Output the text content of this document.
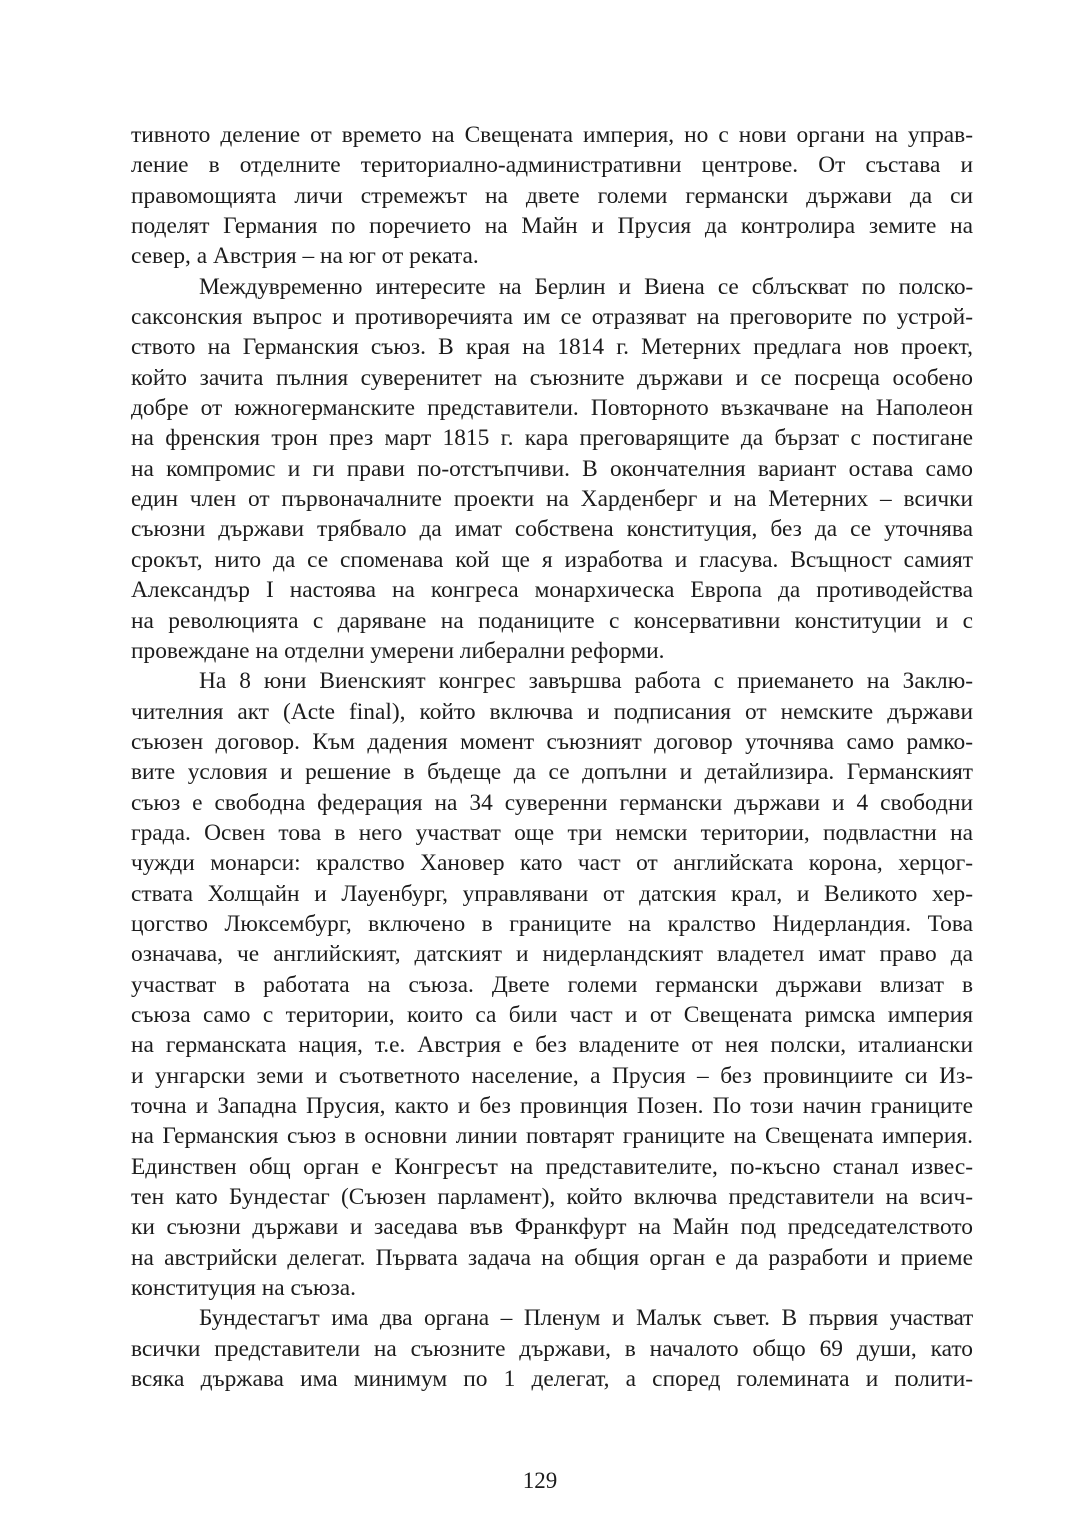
тивното деление от времето на Свещената империя, но с нови органи на управ-
ление в отделните териториално-административни центрове. От състава и
правомощията личи стремежът на двете големи германски държави да си
поделят Германия по поречието на Майн и Прусия да контролира земите на
север, а Австрия – на юг от реката.
Междувременно интересите на Берлин и Виена се сблъскват по полско-
саксонския въпрос и противоречията им се отразяват на преговорите по устрой-
ството на Германския съюз. В края на 1814 г. Метерних предлага нов проект,
който зачита пълния суверенитет на съюзните държави и се посреща особено
добре от южногерманските представители. Повторното възкачване на Наполеон
на френския трон през март 1815 г. кара преговарящите да бързат с постигане
на компромис и ги прави по-отстъпчиви. В окончателния вариант остава само
един член от първоначалните проекти на Харденберг и на Метерних – всички
съюзни държави трябвало да имат собствена конституция, без да се уточнява
срокът, нито да се споменава кой ще я изработва и гласува. Всъщност самият
Александър I настоява на конгреса монархическа Европа да противодейства
на революцията с даряване на поданиците с консервативни конституции и с
провеждане на отделни умерени либерални реформи.
На 8 юни Виенският конгрес завършва работа с приемането на Заклю-
чителния акт (Acte final), който включва и подписания от немските държави
съюзен договор. Към дадения момент съюзният договор уточнява само рамко-
вите условия и решение в бъдеще да се допълни и детайлизира. Германският
съюз е свободна федерация на 34 суверенни германски държави и 4 свободни
града. Освен това в него участват още три немски територии, подвластни на
чужди монарси: кралство Хановер като част от английската корона, херцог-
ствата Холщайн и Лауенбург, управлявани от датския крал, и Великото хер-
цогство Люксембург, включено в границите на кралство Нидерландия. Това
означава, че английският, датският и нидерландският владетел имат право да
участват в работата на съюза. Двете големи германски държави влизат в
съюза само с територии, които са били част и от Свещената римска империя
на германската нация, т.е. Австрия е без владените от нея полски, италиански
и унгарски земи и съответното население, а Прусия – без провинциите си Из-
точна и Западна Прусия, както и без провинция Позен. По този начин границите
на Германския съюз в основни линии повтарят границите на Свещената империя.
Единствен общ орган е Конгресът на представителите, по-късно станал извес-
тен като Бундестаг (Съюзен парламент), който включва представители на всич-
ки съюзни държави и заседава във Франкфурт на Майн под председателството
на австрийски делегат. Първата задача на общия орган е да разработи и приеме
конституция на съюза.
Бундестагът има два органа – Пленум и Малък съвет. В първия участват
всички представители на съюзните държави, в началото общо 69 души, като
всяка държава има минимум по 1 делегат, а според големината и полити-
129
